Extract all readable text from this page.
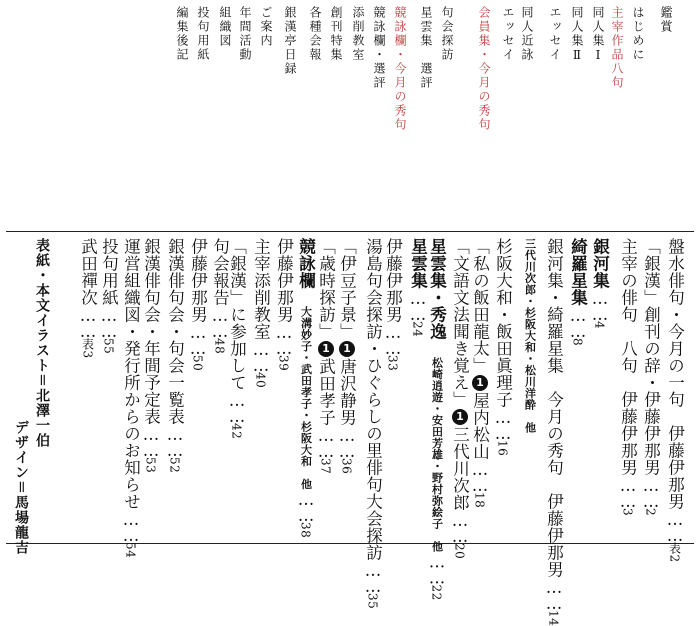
鑑賞
はじめに
主宰作品八句
同人集Ⅰ
同人集Ⅱ
エッセイ
同人近詠
エッセイ
会員集・今月の秀句
句会探訪
星雲集　選評
競詠欄・今月の秀句
競詠欄・選評
添削教室
創刊特集
各種会報
銀漢亭日録
ご案内
年間活動
組織図
投句用紙
編集後記
盤水俳句・今月の一句　伊藤伊那男……表2
「銀漢」創刊の辞・伊藤伊那男……2
主宰の俳句　八句　伊藤伊那男……3
銀河集……4
綺羅星集……8
銀河集・綺羅星集　今月の秀句　伊藤伊那男……14
三代川次郎・杉阪大和・松川洋酔　他
杉阪大和・飯田眞理子……16
「私の飯田龍太」1屋内松山……18
「文語文法聞き覚え」1三代川次郎……20
星雲集・秀逸　松崎逍遊・安田芳雄・野村弥絵子　他……22
星雲集……24
伊藤伊那男……33
湯島句会探訪・ひぐらしの里俳句大会探訪……35
「伊豆子景」1唐沢静男……36
「歳時探訪」1武田孝子……37
競詠欄　大溝妙子・武田孝子・杉阪大和　他……38
伊藤伊那男……39
主宰添削教室……40
「銀漢」に参加して……42
句会報告……48
伊藤伊那男……50
銀漢俳句会・句会一覧表……52
銀漢俳句会・年間予定表……53
運営組織図・発行所からのお知らせ……54
投句用紙……55
武田禪次……表3
表紙・本文イラスト＝北澤一伯
デザイン＝馬場龍吉
